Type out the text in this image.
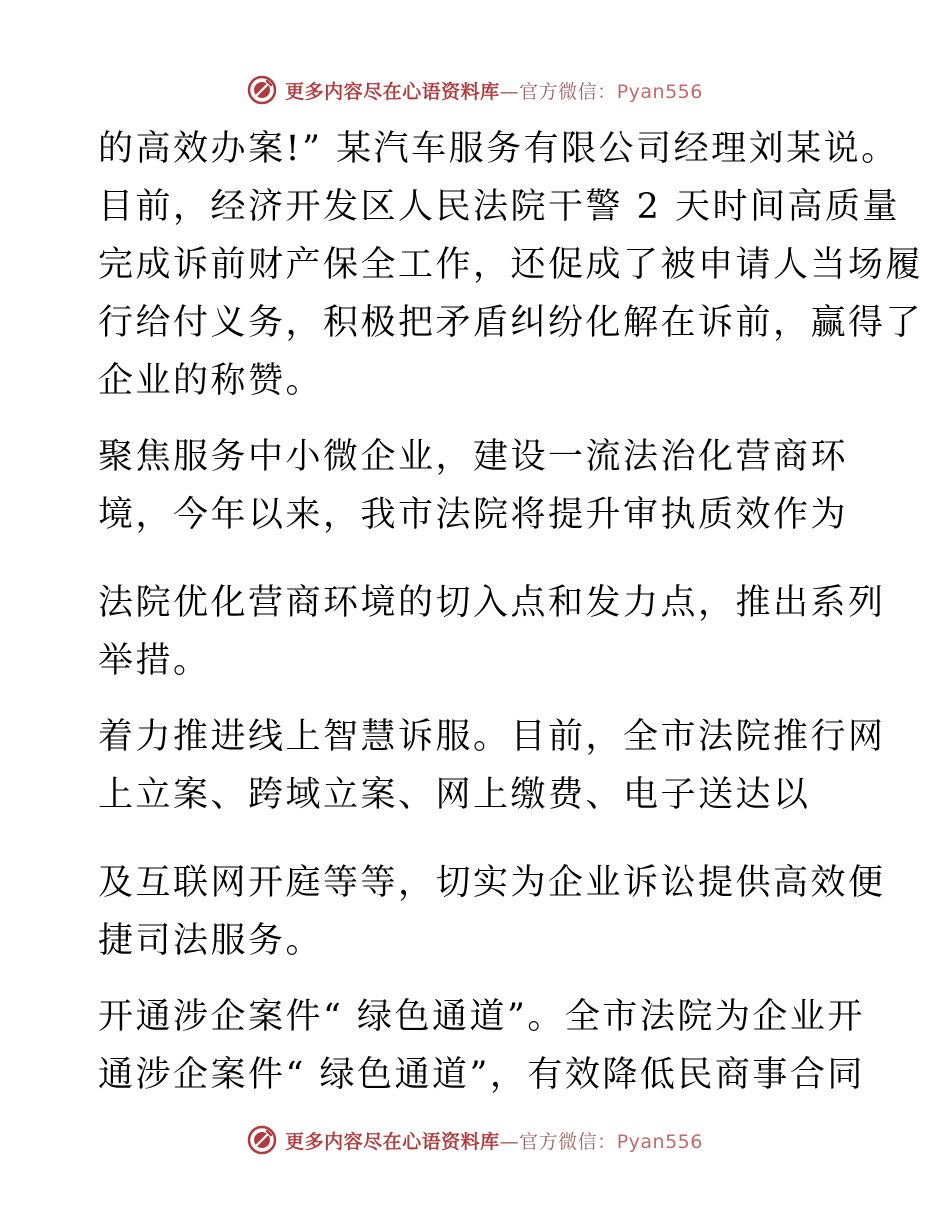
更多内容尽在心语资料库—官方微信：Pyan556
的高效办案!” 某汽车服务有限公司经理刘某说。
目前，经济开发区人民法院干警 2 天时间高质量
完成诉前财产保全工作，还促成了被申请人当场履
行给付义务，积极把矛盾纠纷化解在诉前，赢得了
企业的称赞。
聚焦服务中小微企业，建设一流法治化营商环
境，今年以来，我市法院将提升审执质效作为
法院优化营商环境的切入点和发力点，推出系列
举措。
着力推进线上智慧诉服。目前，全市法院推行网
上立案、跨域立案、网上缴费、电子送达以
及互联网开庭等等，切实为企业诉讼提供高效便
捷司法服务。
开通涉企案件“ 绿色通道”。全市法院为企业开
通涉企案件“ 绿色通道”，有效降低民商事合同
更多内容尽在心语资料库—官方微信：Pyan556
